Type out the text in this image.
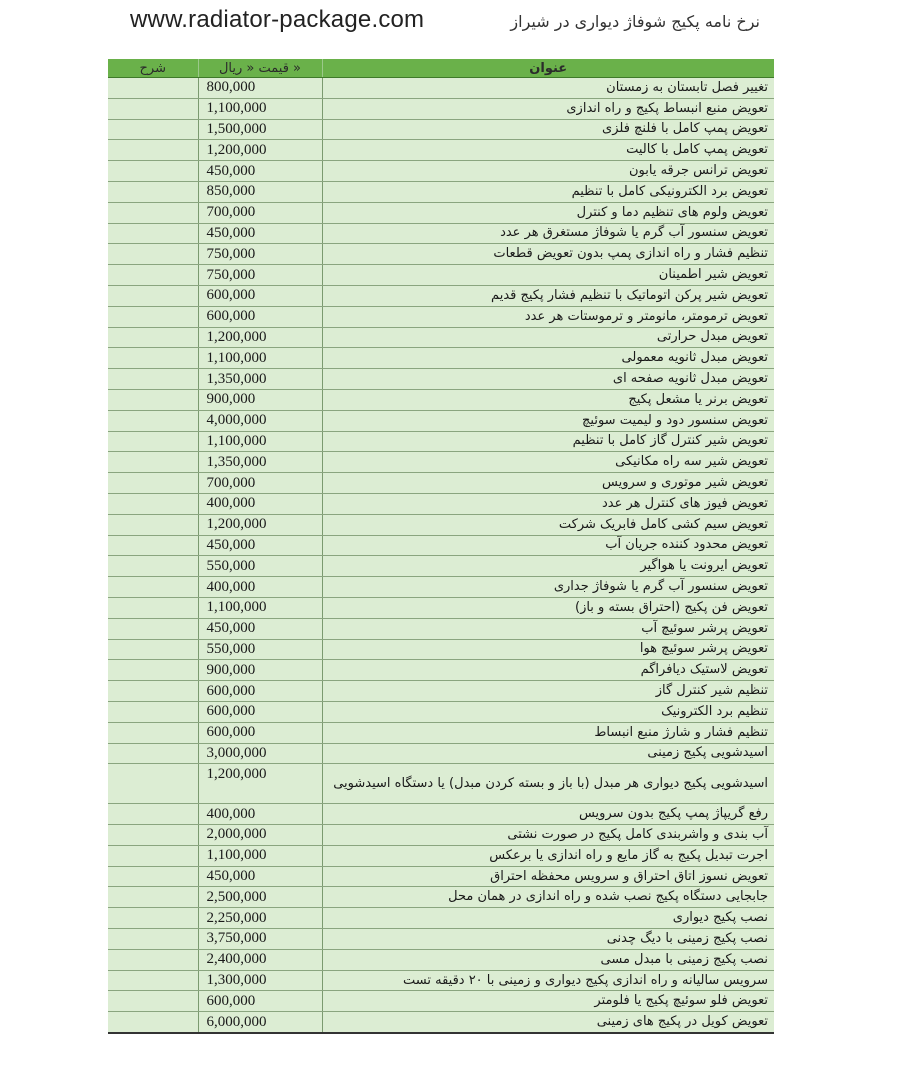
www.radiator-package.com	نرخ نامه پکیج شوفاژ دیواری در شیراز
شرح	قیمت « ریال »	عنوان
	800,000	تغییر فصل تابستان به زمستان
	1,100,000	تعویض منبع انبساط پکیج و راه اندازی
	1,500,000	تعویض پمپ کامل با فلنچ فلزی
	1,200,000	تعویض پمپ کامل با کالیت
	450,000	تعویض ترانس جرقه یابون
	850,000	تعویض برد الکترونیکی کامل با تنظیم
	700,000	تعویض ولوم های تنظیم دما و کنترل
	450,000	تعویض سنسور آب گرم یا شوفاژ مستغرق هر عدد
	750,000	تنظیم فشار و راه اندازی پمپ بدون تعویض قطعات
	750,000	تعویض شیر اطمینان
	600,000	تعویض شیر پرکن اتوماتیک با تنظیم فشار پکیج قدیم
	600,000	تعویض ترمومتر، مانومتر و ترموستات هر عدد
	1,200,000	تعویض مبدل حرارتی
	1,100,000	تعویض مبدل ثانویه معمولی
	1,350,000	تعویض مبدل ثانویه صفحه ای
	900,000	تعویض برنر یا مشعل پکیج
	4,000,000	تعویض سنسور دود و لیمیت سوئیچ
	1,100,000	تعویض شیر کنترل گاز کامل با تنظیم
	1,350,000	تعویض شیر سه راه مکانیکی
	700,000	تعویض شیر موتوری و سرویس
	400,000	تعویض فیوز های کنترل هر عدد
	1,200,000	تعویض سیم کشی کامل فابریک شرکت
	450,000	تعویض محدود کننده جریان آب
	550,000	تعویض ایرونت یا هواگیر
	400,000	تعویض سنسور آب گرم یا شوفاژ جداری
	1,100,000	تعویض فن پکیج (احتراق بسته و باز)
	450,000	تعویض پرشر سوئیچ آب
	550,000	تعویض پرشر سوئیچ هوا
	900,000	تعویض لاستیک دیافراگم
	600,000	تنظیم شیر کنترل گاز
	600,000	تنظیم برد الکترونیک
	600,000	تنظیم فشار و شارژ منبع انبساط
	3,000,000	اسیدشویی پکیج زمینی
	1,200,000	اسیدشویی پکیج دیواری هر مبدل (با باز و بسته کردن مبدل) یا دستگاه اسیدشویی
	400,000	رفع گریپاژ پمپ پکیج بدون سرویس
	2,000,000	آب بندی و واشربندی کامل پکیج در صورت نشتی
	1,100,000	اجرت تبدیل پکیج به گاز مایع و راه اندازی یا برعکس
	450,000	تعویض نسوز اتاق احتراق و سرویس محفظه احتراق
	2,500,000	جابجایی دستگاه پکیج نصب شده و راه اندازی در همان محل
	2,250,000	نصب پکیج دیواری
	3,750,000	نصب پکیج زمینی با دیگ چدنی
	2,400,000	نصب پکیج زمینی با مبدل مسی
	1,300,000	سرویس سالیانه و راه اندازی پکیج دیواری و زمینی با ۲۰ دقیقه تست
	600,000	تعویض فلو سوئیچ پکیج یا فلومتر
	6,000,000	تعویض کویل در پکیج های زمینی
